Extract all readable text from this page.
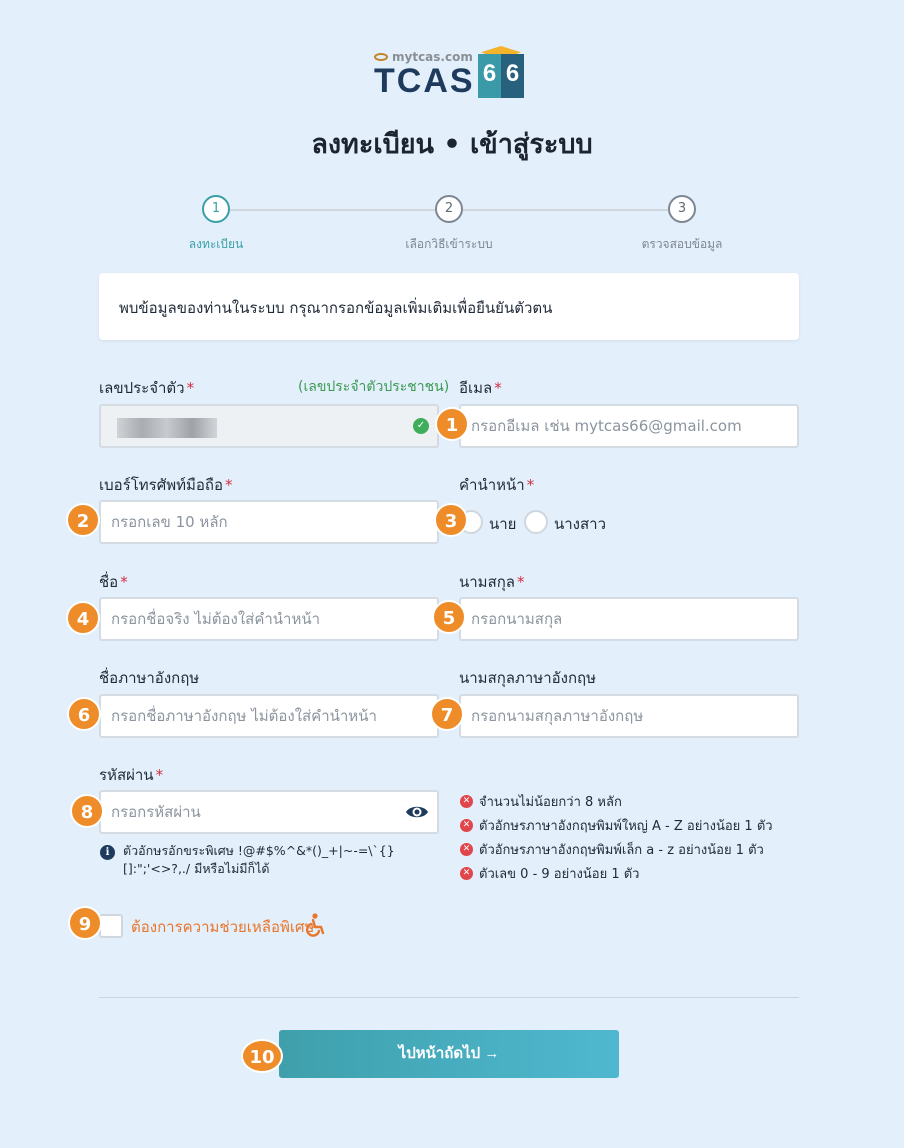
mytcas.com
TCAS 6 6
ลงทะเบียน • เข้าสู่ระบบ
1	2	3
ลงทะเบียน	เลือกวิธีเข้าระบบ	ตรวจสอบข้อมูล
พบข้อมูลของท่านในระบบ กรุณากรอกข้อมูลเพิ่มเติมเพื่อยืนยันตัวตน
เลขประจำตัว *	(เลขประจำตัวประชาชน)
✓
อีเมล *
กรอกอีเมล เช่น mytcas66@gmail.com
เบอร์โทรศัพท์มือถือ *
กรอกเลข 10 หลัก
คำนำหน้า *
นาย	นางสาว
ชื่อ *
กรอกชื่อจริง ไม่ต้องใส่คำนำหน้า
นามสกุล *
กรอกนามสกุล
ชื่อภาษาอังกฤษ
กรอกชื่อภาษาอังกฤษ ไม่ต้องใส่คำนำหน้า
นามสกุลภาษาอังกฤษ
กรอกนามสกุลภาษาอังกฤษ
รหัสผ่าน *
กรอกรหัสผ่าน
i	ตัวอักษรอักขระพิเศษ !@#$%^&*()_+|~-=\`{}
[]:";'<>?,./ มีหรือไม่มีก็ได้
✕ จำนวนไม่น้อยกว่า 8 หลัก
✕ ตัวอักษรภาษาอังกฤษพิมพ์ใหญ่ A - Z อย่างน้อย 1 ตัว
✕ ตัวอักษรภาษาอังกฤษพิมพ์เล็ก a - z อย่างน้อย 1 ตัว
✕ ตัวเลข 0 - 9 อย่างน้อย 1 ตัว
ต้องการความช่วยเหลือพิเศษ
ไปหน้าถัดไป →
1
2	3
4	5
6	7
8
9
10
